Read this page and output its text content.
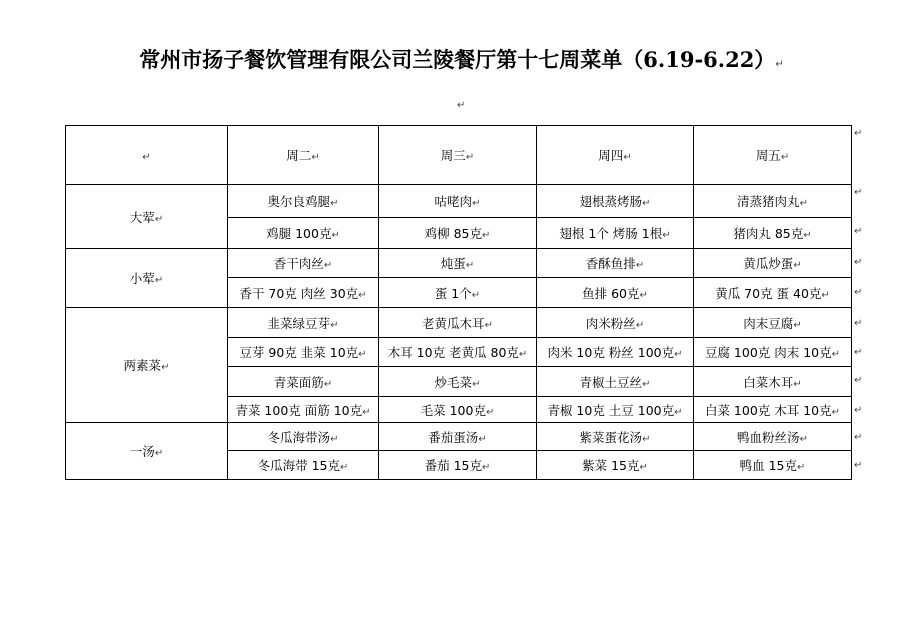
常州市扬子餐饮管理有限公司兰陵餐厅第十七周菜单（6.19-6.22）↵
↵
↵	周二↵	周三↵	周四↵	周五↵
大荤↵	奥尔良鸡腿↵	咕咾肉↵	翅根蒸烤肠↵	清蒸猪肉丸↵
	鸡腿 100克↵	鸡柳 85克↵	翅根 1个 烤肠 1根↵	猪肉丸 85克↵
小荤↵	香干肉丝↵	炖蛋↵	香酥鱼排↵	黄瓜炒蛋↵
	香干 70克 肉丝 30克↵	蛋 1个↵	鱼排 60克↵	黄瓜 70克 蛋 40克↵
两素菜↵	韭菜绿豆芽↵	老黄瓜木耳↵	肉米粉丝↵	肉末豆腐↵
	豆芽 90克 韭菜 10克↵	木耳 10克 老黄瓜 80克↵	肉米 10克 粉丝 100克↵	豆腐 100克 肉末 10克↵
	青菜面筋↵	炒毛菜↵	青椒土豆丝↵	白菜木耳↵
	青菜 100克 面筋 10克↵	毛菜 100克↵	青椒 10克 土豆 100克↵	白菜 100克 木耳 10克↵
一汤↵	冬瓜海带汤↵	番茄蛋汤↵	紫菜蛋花汤↵	鸭血粉丝汤↵
	冬瓜海带 15克↵	番茄 15克↵	紫菜 15克↵	鸭血 15克↵
↵
↵
↵
↵
↵
↵
↵
↵
↵
↵
↵
